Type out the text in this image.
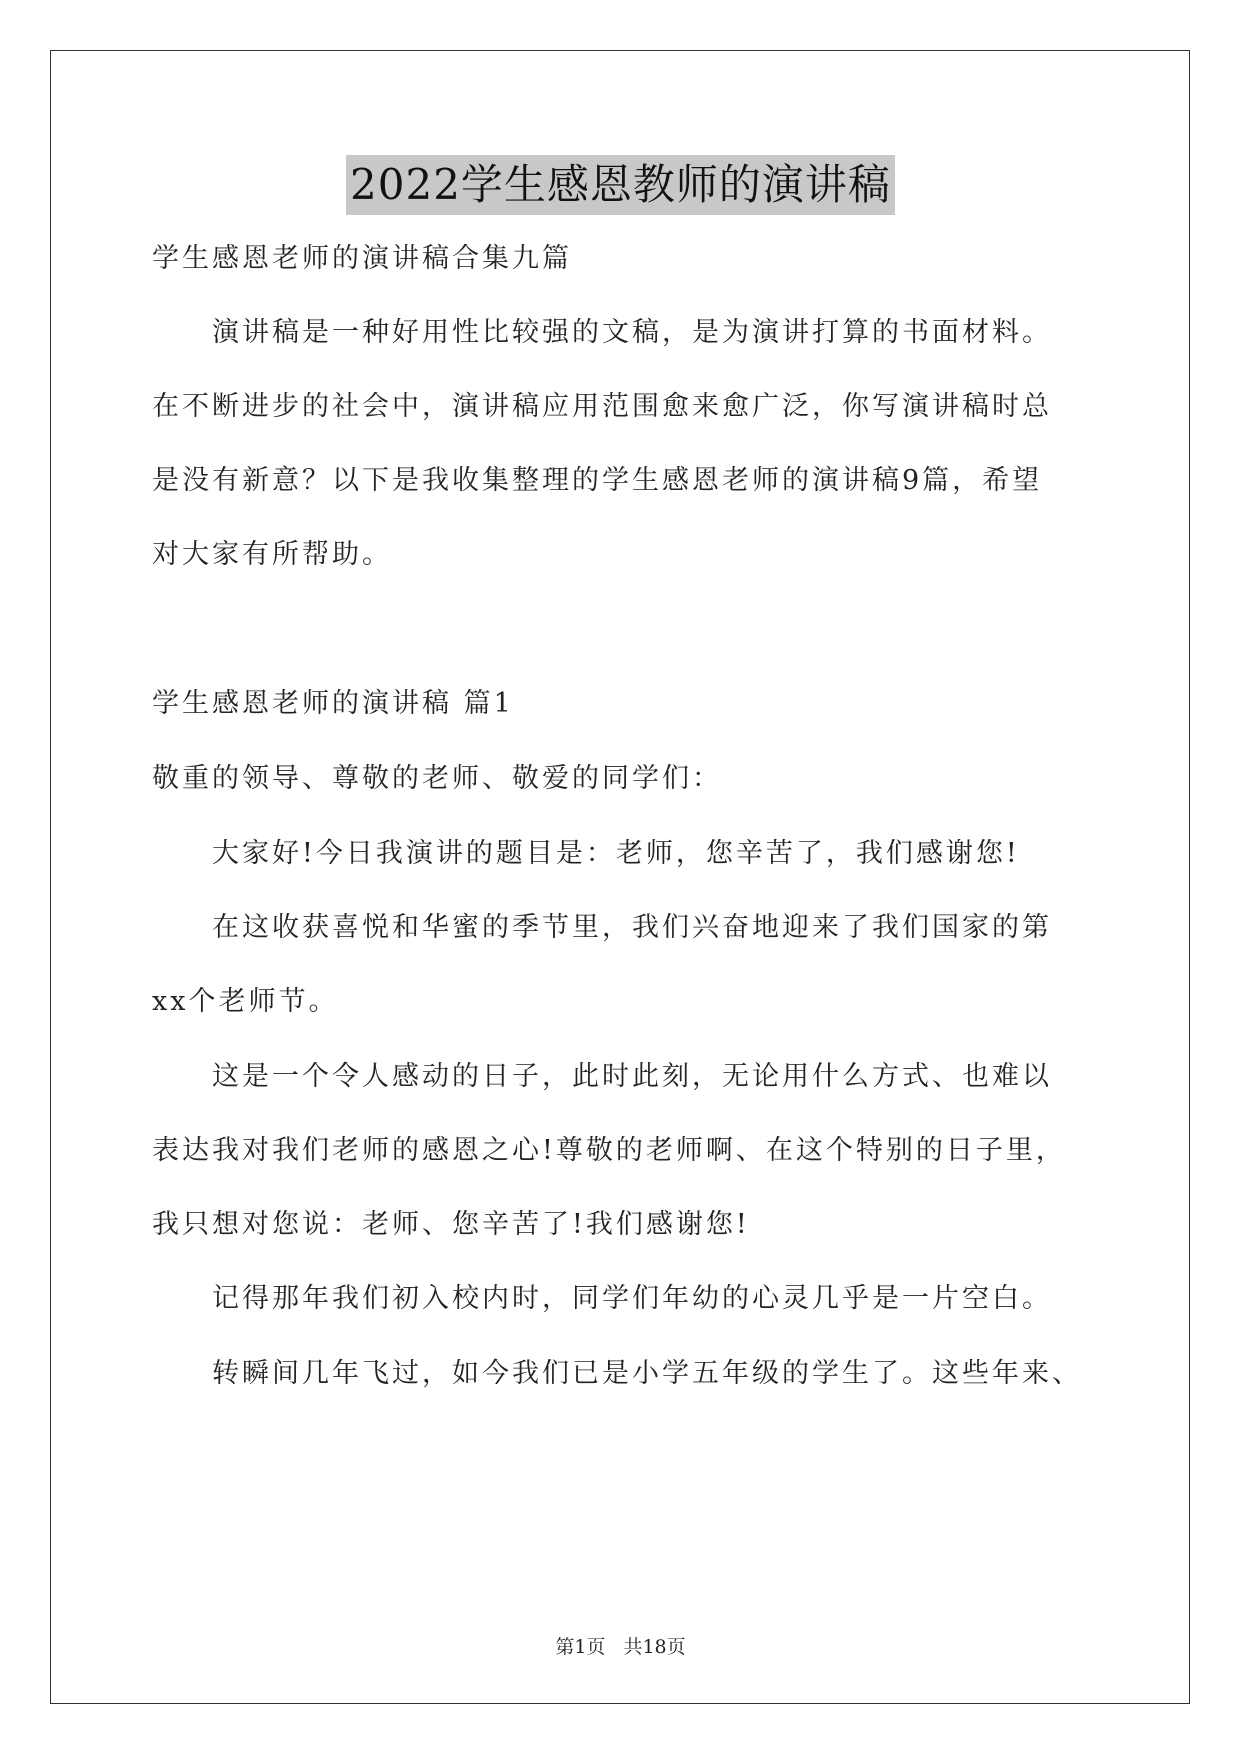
2022学生感恩教师的演讲稿
学生感恩老师的演讲稿合集九篇
　　演讲稿是一种好用性比较强的文稿，是为演讲打算的书面材料。
在不断进步的社会中，演讲稿应用范围愈来愈广泛，你写演讲稿时总
是没有新意？以下是我收集整理的学生感恩老师的演讲稿9篇，希望
对大家有所帮助。
学生感恩老师的演讲稿 篇1
敬重的领导、尊敬的老师、敬爱的同学们：
　　大家好!今日我演讲的题目是：老师，您辛苦了，我们感谢您!
　　在这收获喜悦和华蜜的季节里，我们兴奋地迎来了我们国家的第
xx个老师节。
　　这是一个令人感动的日子，此时此刻，无论用什么方式、也难以
表达我对我们老师的感恩之心!尊敬的老师啊、在这个特别的日子里，
我只想对您说：老师、您辛苦了!我们感谢您!
　　记得那年我们初入校内时，同学们年幼的心灵几乎是一片空白。
　　转瞬间几年飞过，如今我们已是小学五年级的学生了。这些年来、
第1页 共18页
